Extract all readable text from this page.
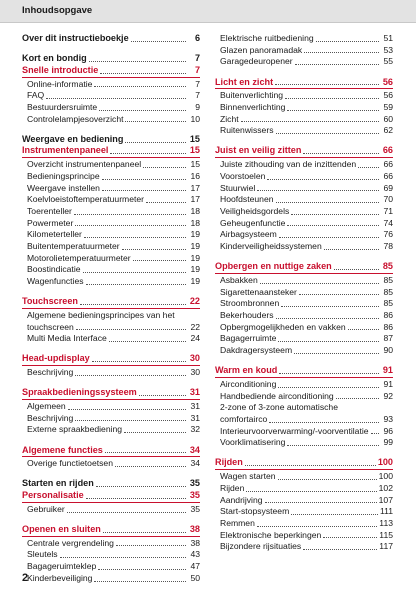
Inhoudsopgave
Over dit instructieboekje	6
Kort en bondig	7
Snelle introductie	7
Online-informatie	7
FAQ	7
Bestuurdersruimte	9
Controlelampjesoverzicht	10
Weergave en bediening	15
Instrumentenpaneel	15
Overzicht instrumentenpaneel	15
Bedieningsprincipe	16
Weergave instellen	17
Koelvloeistoftemperatuurmeter	17
Toerenteller	18
Powermeter	18
Kilometerteller	19
Buitentemperatuurmeter	19
Motorolietemperatuurmeter	19
Boostindicatie	19
Wagenfuncties	19
Touchscreen	22
Algemene bedieningsprincipes van het
touchscreen	22
Multi Media Interface	24
Head-updisplay	30
Beschrijving	30
Spraakbedieningssysteem	31
Algemeen	31
Beschrijving	31
Externe spraakbediening	32
Algemene functies	34
Overige functietoetsen	34
Starten en rijden	35
Personalisatie	35
Gebruiker	35
Openen en sluiten	38
Centrale vergrendeling	38
Sleutels	43
Bagageruimteklep	47
Kinderbeveiliging	50
Elektrische ruitbediening	51
Glazen panoramadak	53
Garagedeuropener	55
Licht en zicht	56
Buitenverlichting	56
Binnenverlichting	59
Zicht	60
Ruitenwissers	62
Juist en veilig zitten	66
Juiste zithouding van de inzittenden	66
Voorstoelen	66
Stuurwiel	69
Hoofdsteunen	70
Veiligheidsgordels	71
Geheugenfunctie	74
Airbagsysteem	76
Kinderveiligheidssystemen	78
Opbergen en nuttige zaken	85
Asbakken	85
Sigarettenaansteker	85
Stroombronnen	85
Bekerhouders	86
Opbergmogelijkheden en vakken	86
Bagagerruimte	87
Dakdragersysteem	90
Warm en koud	91
Airconditioning	91
Handbediende airconditioning	92
2-zone of 3-zone automatische
comfortairco	93
Interieurvoorverwarming/-voorventilatie 96
Voorklimatisering	99
Rijden	100
Wagen starten	100
Rijden	102
Aandrijving	107
Start-stopsysteem	111
Remmen	113
Elektronische beperkingen	115
Bijzondere rijsituaties	117
2
